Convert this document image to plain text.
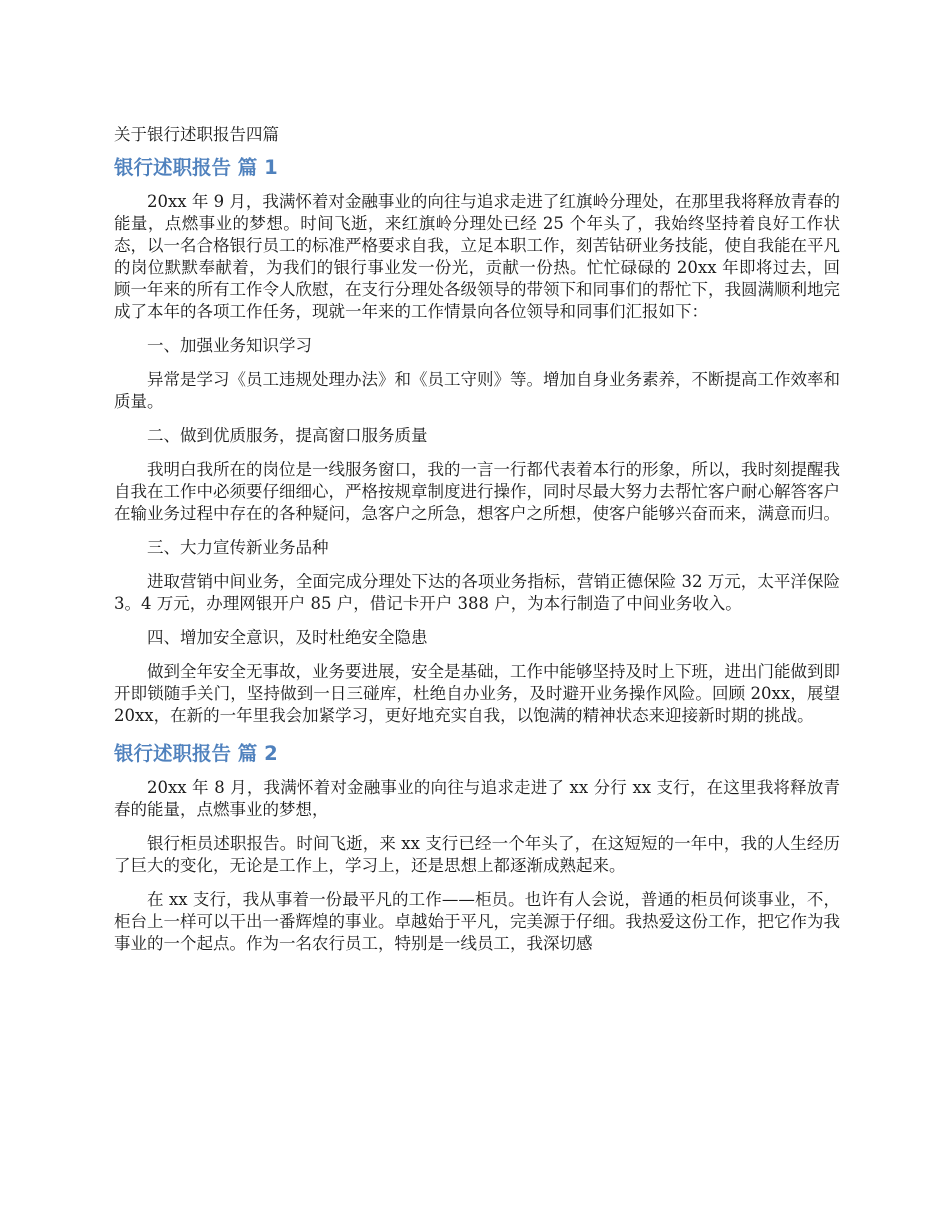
关于银行述职报告四篇
银行述职报告 篇 1

20xx 年 9 月，我满怀着对金融事业的向往与追求走进了红旗岭分理处，在那里我将释放青春的能量，点燃事业的梦想。时间飞逝，来红旗岭分理处已经 25 个年头了，我始终坚持着良好工作状态，以一名合格银行员工的标准严格要求自我，立足本职工作，刻苦钻研业务技能，使自我能在平凡的岗位默默奉献着，为我们的银行事业发一份光，贡献一份热。忙忙碌碌的 20xx 年即将过去，回顾一年来的所有工作令人欣慰，在支行分理处各级领导的带领下和同事们的帮忙下，我圆满顺利地完成了本年的各项工作任务，现就一年来的工作情景向各位领导和同事们汇报如下：

一、加强业务知识学习

异常是学习《员工违规处理办法》和《员工守则》等。增加自身业务素养，不断提高工作效率和质量。

二、做到优质服务，提高窗口服务质量

我明白我所在的岗位是一线服务窗口，我的一言一行都代表着本行的形象，所以，我时刻提醒我自我在工作中必须要仔细细心，严格按规章制度进行操作，同时尽最大努力去帮忙客户耐心解答客户在输业务过程中存在的各种疑问，急客户之所急，想客户之所想，使客户能够兴奋而来，满意而归。

三、大力宣传新业务品种

进取营销中间业务，全面完成分理处下达的各项业务指标，营销正德保险 32 万元，太平洋保险 3。4 万元，办理网银开户 85 户，借记卡开户 388 户，为本行制造了中间业务收入。

四、增加安全意识，及时杜绝安全隐患

做到全年安全无事故，业务要进展，安全是基础，工作中能够坚持及时上下班，进出门能做到即开即锁随手关门，坚持做到一日三碰库，杜绝自办业务，及时避开业务操作风险。回顾 20xx，展望 20xx，在新的一年里我会加紧学习，更好地充实自我，以饱满的精神状态来迎接新时期的挑战。

银行述职报告 篇 2

20xx 年 8 月，我满怀着对金融事业的向往与追求走进了 xx 分行 xx 支行，在这里我将释放青春的能量，点燃事业的梦想，

银行柜员述职报告。时间飞逝，来 xx 支行已经一个年头了，在这短短的一年中，我的人生经历了巨大的变化，无论是工作上，学习上，还是思想上都逐渐成熟起来。

在 xx 支行，我从事着一份最平凡的工作——柜员。也许有人会说，普通的柜员何谈事业，不，柜台上一样可以干出一番辉煌的事业。卓越始于平凡，完美源于仔细。我热爱这份工作，把它作为我事业的一个起点。作为一名农行员工，特别是一线员工，我深切感
